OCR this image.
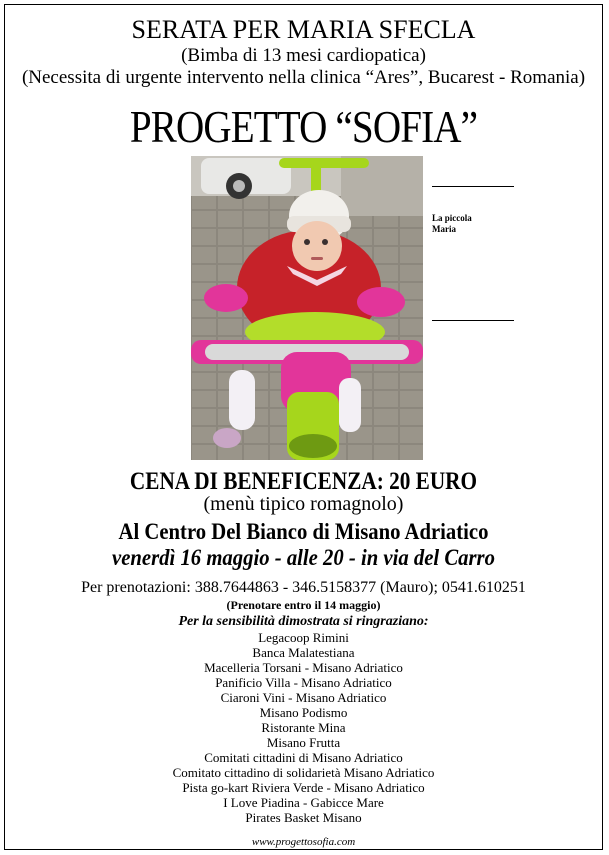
SERATA PER MARIA SFECLA
(Bimba di 13 mesi cardiopatica)
(Necessita di urgente intervento nella clinica “Ares”, Bucarest - Romania)
PROGETTO “SOFIA”
La piccola
Maria
CENA DI BENEFICENZA: 20 EURO
(menù tipico romagnolo)
Al Centro Del Bianco di Misano Adriatico
venerdì 16 maggio - alle 20 - in via del Carro
Per prenotazioni: 388.7644863 - 346.5158377 (Mauro); 0541.610251
(Prenotare entro il 14 maggio)
Per la sensibilità dimostrata si ringraziano:
Legacoop Rimini
Banca Malatestiana
Macelleria Torsani - Misano Adriatico
Panificio Villa - Misano Adriatico
Ciaroni Vini - Misano Adriatico
Misano Podismo
Ristorante Mina
Misano Frutta
Comitati cittadini di Misano Adriatico
Comitato cittadino di solidarietà Misano Adriatico
Pista go-kart Riviera Verde - Misano Adriatico
I Love Piadina - Gabicce Mare
Pirates Basket Misano
www.progettosofia.com
